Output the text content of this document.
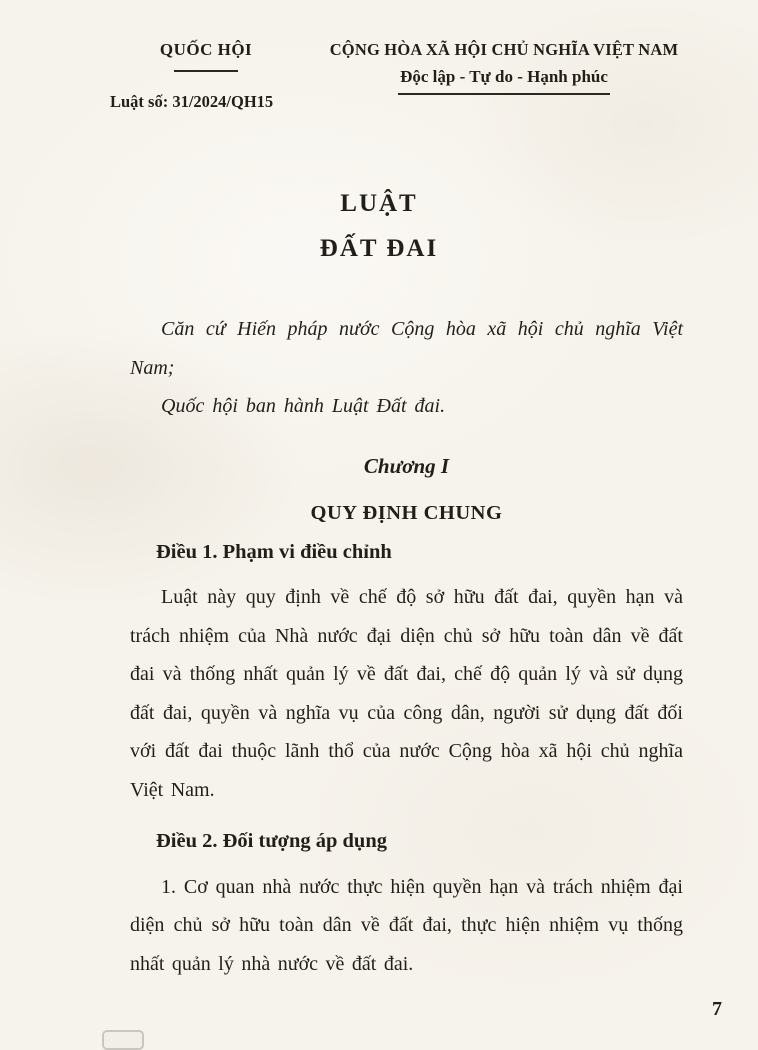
QUỐC HỘI
Luật số: 31/2024/QH15
CỘNG HÒA XÃ HỘI CHỦ NGHĨA VIỆT NAM
Độc lập - Tự do - Hạnh phúc
LUẬT
ĐẤT ĐAI

Căn cứ Hiến pháp nước Cộng hòa xã hội chủ nghĩa Việt Nam;

Quốc hội ban hành Luật Đất đai.

Chương I
QUY ĐỊNH CHUNG

Điều 1. Phạm vi điều chỉnh

Luật này quy định về chế độ sở hữu đất đai, quyền hạn và trách nhiệm của Nhà nước đại diện chủ sở hữu toàn dân về đất đai và thống nhất quản lý về đất đai, chế độ quản lý và sử dụng đất đai, quyền và nghĩa vụ của công dân, người sử dụng đất đối với đất đai thuộc lãnh thổ của nước Cộng hòa xã hội chủ nghĩa Việt Nam.

Điều 2. Đối tượng áp dụng

1. Cơ quan nhà nước thực hiện quyền hạn và trách nhiệm đại diện chủ sở hữu toàn dân về đất đai, thực hiện nhiệm vụ thống nhất quản lý nhà nước về đất đai.

7
